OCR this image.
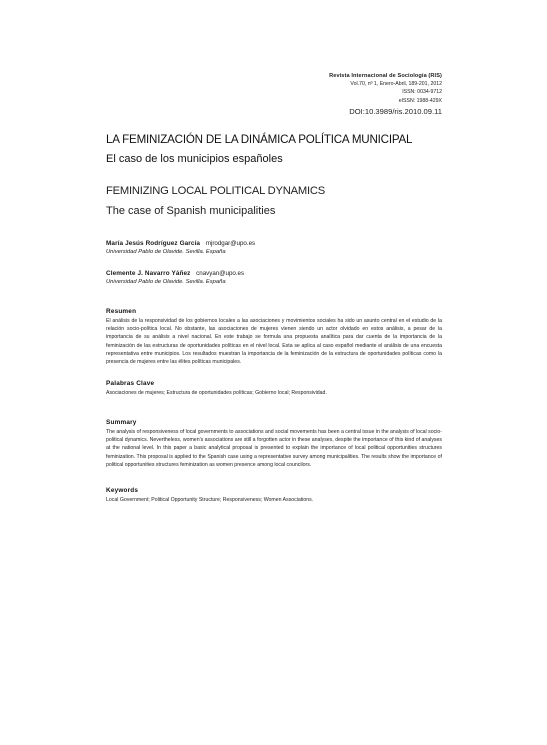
Revista Internacional de Sociología (RIS)
Vol.70, nº 1, Enero-Abril, 189-201, 2012
ISSN: 0034-9712
eISSN: 1988-429X
DOI:10.3989/ris.2010.09.11
LA FEMINIZACIÓN DE LA DINÁMICA POLÍTICA MUNICIPAL
El caso de los municipios españoles
FEMINIZING LOCAL POLITICAL DYNAMICS
The case of Spanish municipalities
María Jesús Rodríguez García mjrodgar@upo.es
Universidad Pablo de Olavide. Sevilla. España
Clemente J. Navarro Yáñez cnavyan@upo.es
Universidad Pablo de Olavide. Sevilla. España
Resumen
El análisis de la responsividad de los gobiernos locales a las asociaciones y movimientos sociales ha sido un asunto central en el estudio de la relación socio-política local. No obstante, las asociaciones de mujeres vienen siendo un actor olvidado en estos análisis, a pesar de la importancia de su análisis a nivel nacional. En este trabajo se formula una propuesta analítica para dar cuenta de la importancia de la feminización de las estructuras de oportunidades políticas en el nivel local. Esta se aplica al caso español mediante el análisis de una encuesta representativa entre municipios. Los resultados muestran la importancia de la feminización de la estructura de oportunidades políticas como la presencia de mujeres entre las élites políticas municipales.
Palabras Clave
Asociaciones de mujeres; Estructura de oportunidades políticas; Gobierno local; Responsividad.
Summary
The analysis of responsiveness of local governments to associations and social movements has been a central issue in the analysis of local socio-political dynamics. Nevertheless, women's associations are still a forgotten actor in these analyses, despite the importance of this kind of analyses at the national level. In this paper a basic analytical proposal is presented to explain the importance of local political opportunities structures feminization. This proposal is applied to the Spanish case using a representative survey among municipalities. The results show the importance of political opportunities structures feminization as women presence among local councilors.
Keywords
Local Government; Political Opportunity Structure; Responsiveness; Women Associations.
